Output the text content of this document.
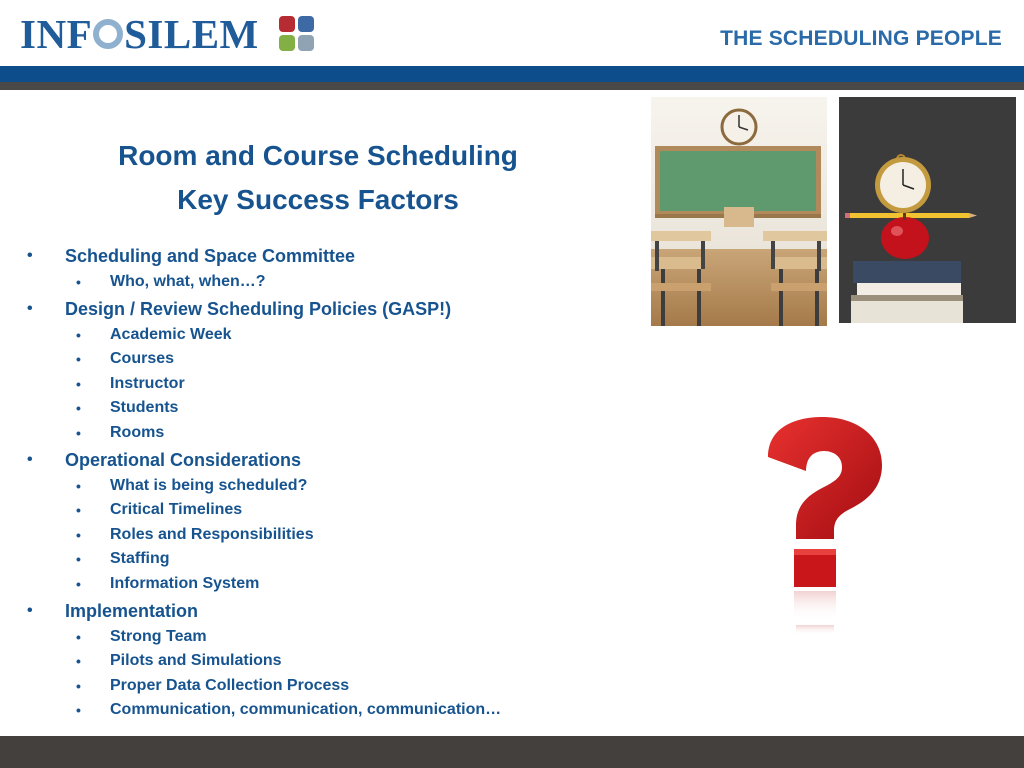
INF SILEM	THE SCHEDULING PEOPLE
Room and Course Scheduling
Key Success Factors
• Scheduling and Space Committee
• Who, what, when…?
• Design / Review Scheduling Policies (GASP!)
• Academic Week
• Courses
• Instructor
• Students
• Rooms
• Operational Considerations
• What is being scheduled?
• Critical Timelines
• Roles and Responsibilities
• Staffing
• Information System
• Implementation
• Strong Team
• Pilots and Simulations
• Proper Data Collection Process
• Communication, communication, communication…
